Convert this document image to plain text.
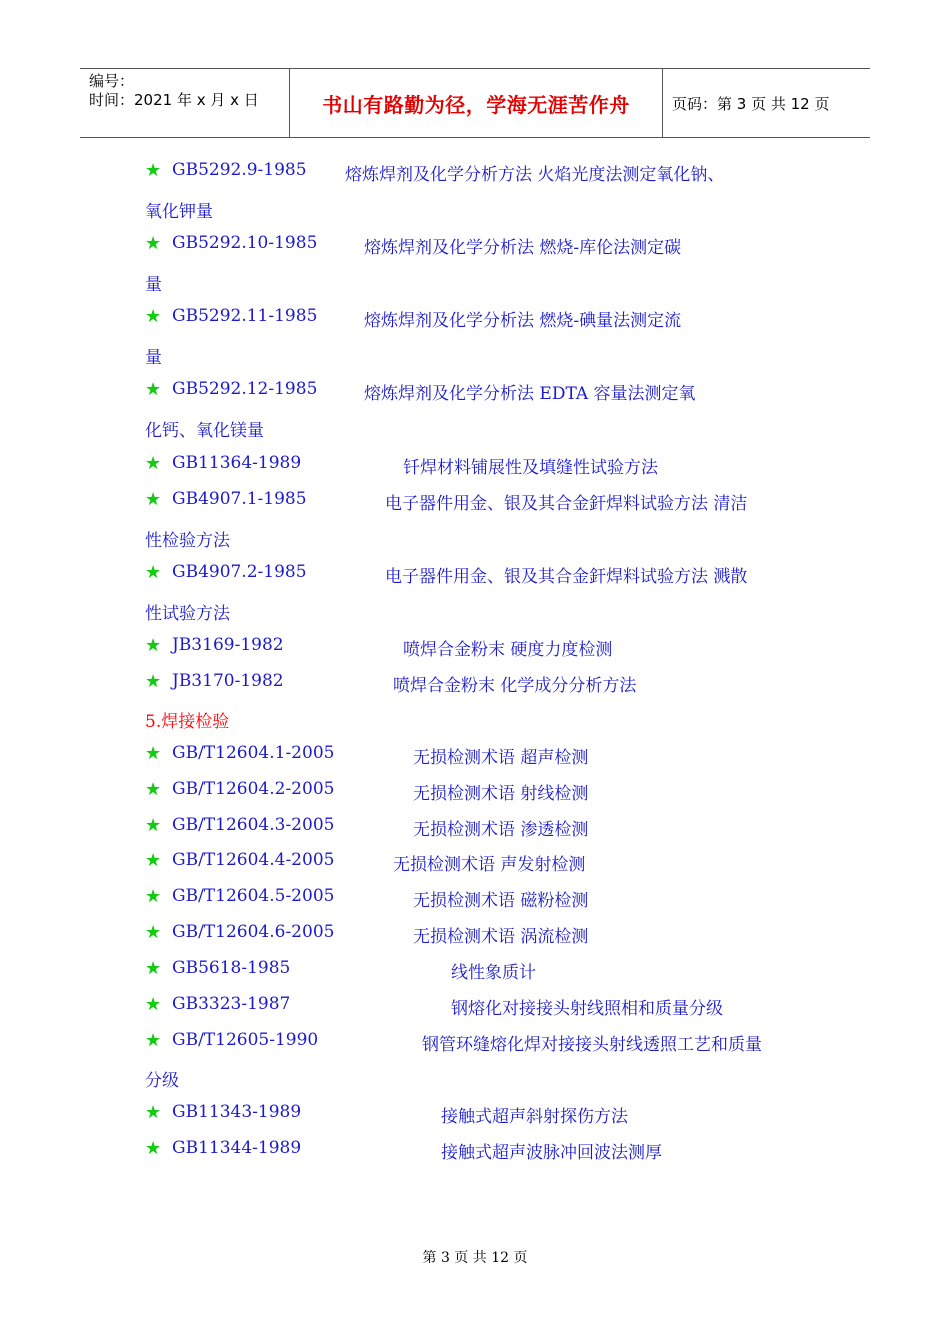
编号：
时间：2021 年 x 月 x 日	书山有路勤为径，学海无涯苦作舟	页码：第 3 页 共 12 页
★ GB5292.9-1985 熔炼焊剂及化学分析方法 火焰光度法测定氧化钠、
氧化钾量
★ GB5292.10-1985	熔炼焊剂及化学分析法 燃烧-库伦法测定碳
量
★ GB5292.11-1985	熔炼焊剂及化学分析法 燃烧-碘量法测定流
量
★ GB5292.12-1985	熔炼焊剂及化学分析法 EDTA 容量法测定氧
化钙、氧化镁量
★ GB11364-1989	钎焊材料铺展性及填缝性试验方法
★ GB4907.1-1985	电子器件用金、银及其合金釬焊料试验方法 清洁
性检验方法
★ GB4907.2-1985	电子器件用金、银及其合金釬焊料试验方法 溅散
性试验方法
★ JB3169-1982	喷焊合金粉末 硬度力度检测
★ JB3170-1982	喷焊合金粉末 化学成分分析方法
5.焊接检验
★ GB/T12604.1-2005	无损检测术语 超声检测
★ GB/T12604.2-2005	无损检测术语 射线检测
★ GB/T12604.3-2005	无损检测术语 渗透检测
★ GB/T12604.4-2005	无损检测术语 声发射检测
★ GB/T12604.5-2005	无损检测术语 磁粉检测
★ GB/T12604.6-2005	无损检测术语 涡流检测
★ GB5618-1985	线性象质计
★ GB3323-1987	钢熔化对接接头射线照相和质量分级
★ GB/T12605-1990	钢管环缝熔化焊对接接头射线透照工艺和质量
分级
★ GB11343-1989	接触式超声斜射探伤方法
★ GB11344-1989	接触式超声波脉冲回波法测厚
第 3 页 共 12 页
